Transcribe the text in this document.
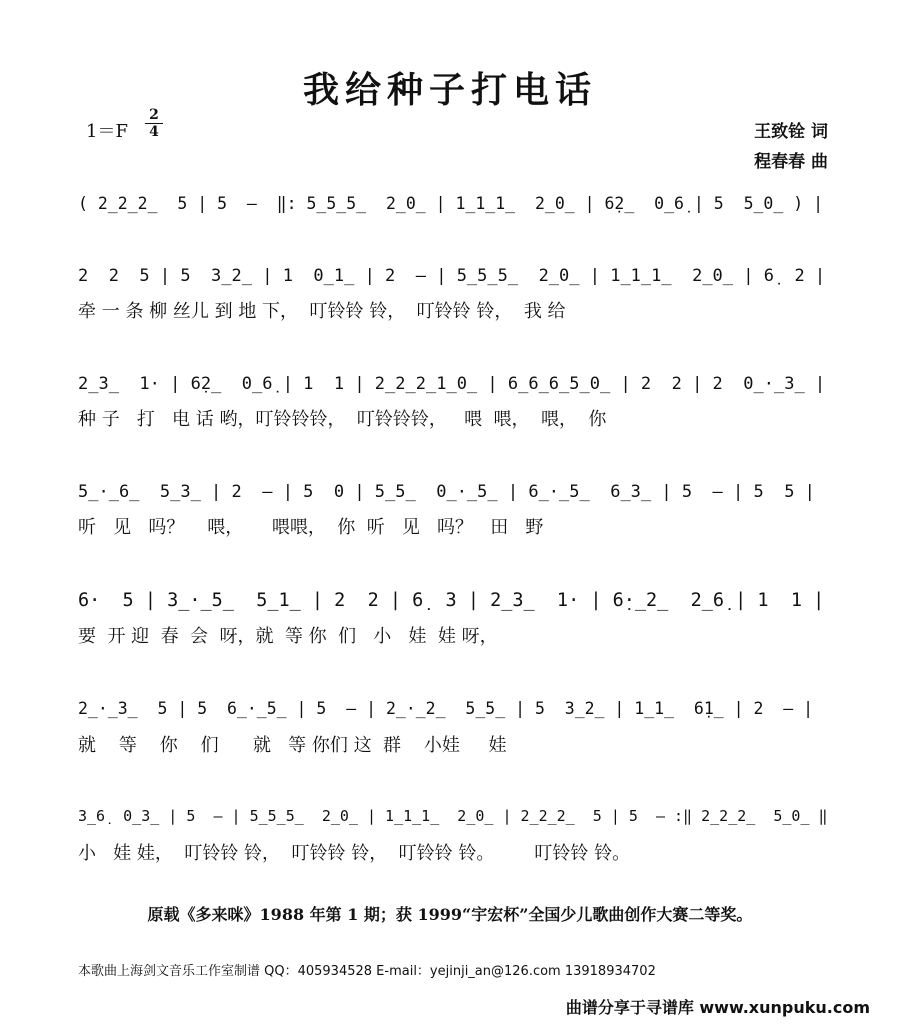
我给种子打电话
1＝F
2
4	王致铨 词
程春春 曲
( 2̲2̲2̲  5 | 5  —  ‖: 5̲5̲5̲  2̲0̲ | 1̲1̲1̲  2̲0̲ | 6̣2̲  0̲6̣ | 5  5̲0̲ ) |
2  2  5 | 5  3̲2̲ | 1  0̲1̲ | 2  — | 5̲5̲5̲  2̲0̲ | 1̲1̲1̲  2̲0̲ | 6̣  2 |
牵 一 条 柳 丝儿 到 地 下，  叮铃铃 铃，  叮铃铃 铃，  我 给
2̲3̲  1· | 6̣2̲  0̲6̣ | 1  1 | 2̲2̲2̲1̲0̲ | 6̲6̲6̲5̲0̲ | 2  2 | 2  0̲·̲3̲ |
种 子   打   电 话 哟，叮铃铃铃，  叮铃铃铃，   喂  喂，  喂，  你
5̲·̲6̲  5̲3̲ | 2  — | 5  0 | 5̲5̲  0̲·̲5̲ | 6̲·̲5̲  6̲3̲ | 5  — | 5  5 |
听   见   吗？    喂，     喂喂，  你  听   见   吗？   田   野
6·  5 | 3̲·̲5̲  5̲1̲ | 2  2 | 6̣  3 | 2̲3̲  1· | 6̣·̲2̲  2̲6̣ | 1  1 |
要  开 迎  春  会  呀，就  等 你  们   小   娃  娃 呀，
2̲·̲3̲  5 | 5  6̲·̲5̲ | 5  — | 2̲·̲2̲  5̲5̲ | 5  3̲2̲ | 1̲1̲  6̣1̲ | 2  — |
就    等    你    们      就   等 你们 这  群    小娃     娃
3̲6̣  0̲3̲ | 5  — | 5̲5̲5̲  2̲0̲ | 1̲1̲1̲  2̲0̲ | 2̲2̲2̲  5 | 5  — :‖ 2̲2̲2̲  5̲0̲ ‖
小   娃 娃，  叮铃铃 铃，  叮铃铃 铃，  叮铃铃 铃。       叮铃铃 铃。
原载《多来咪》1988 年第 1 期；获 1999“宇宏杯”全国少儿歌曲创作大赛二等奖。
本歌曲上海剑文音乐工作室制谱 QQ：405934528 E-mail：yejinji_an@126.com 13918934702
曲谱分享于寻谱库 www.xunpuku.com
